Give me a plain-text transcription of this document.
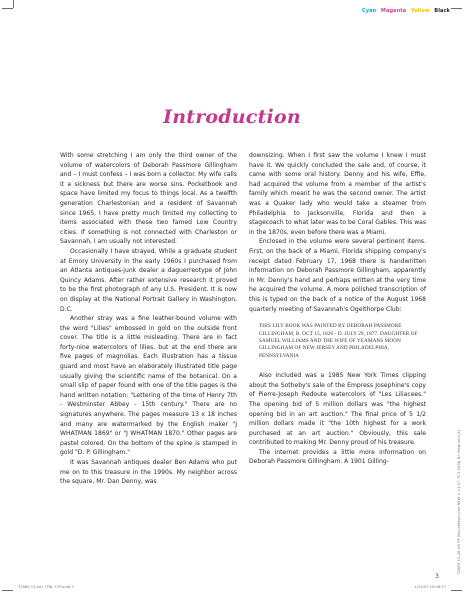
Cyan Magenta Yellow Black
Introduction

With some stretching I am only the third owner of the volume of watercolors of Deborah Passmore Gillingham and – I must confess – I was born a collector. My wife calls it a sickness but there are worse sins. Pocketbook and space have limited my focus to things local. As a twelfth generation Charlestonian and a resident of Savannah since 1965, I have pretty much limited my collecting to items associated with these two famed Low Country cities. If something is not connected with Charleston or Savannah, I am usually not interested.

Occasionally I have strayed. While a graduate student at Emory University in the early 1960s I purchased from an Atlanta antiques-junk dealer a daguerreotype of John Quincy Adams. After rather extensive research it proved to be the first photograph of any U.S. President. It is now on display at the National Portrait Gallery in Washington, D.C.

Another stray was a fine leather-bound volume with the word "Lilies" embossed in gold on the outside front cover. The title is a little misleading. There are in fact forty-nine watercolors of lilies, but at the end there are five pages of magnolias. Each illustration has a tissue guard and most have an elaborately illustrated title page usually giving the scientific name of the botanical. On a small slip of paper found with one of the title pages is the hand written notation: "Lettering of the time of Henry 7th - Westminster Abbey - 15th century." There are no signatures anywhere. The pages measure 13 x 18 inches and many are watermarked by the English maker "J WHATMAN 1869" or "J WHATMAN 1870." Other pages are pastel colored. On the bottom of the spine is stamped in gold "D. P. Gillingham."

It was Savannah antiques dealer Ben Adams who put me on to this treasure in the 1990s. My neighbor across the square, Mr. Dan Denny, was

downsizing. When I first saw the volume I knew I must have it. We quickly concluded the sale and, of course, it came with some oral history. Denny and his wife, Effie, had acquired the volume from a member of the artist's family which meant he was the second owner. The artist was a Quaker lady who would take a steamer from Philadelphia to Jacksonville, Florida and then a stagecoach to what later was to be Coral Gables. This was in the 1870s, even before there was a Miami.

Enclosed in the volume were several pertinent items. First, on the back of a Miami, Florida shipping company's receipt dated February 17, 1968 there is handwritten information on Deborah Passmore Gillingham, apparently in Mr. Denny's hand and perhaps written at the very time he acquired the volume. A more polished transcription of this is typed on the back of a notice of the August 1968 quarterly meeting of Savannah's Ogelthorpe Club:

THIS LILY BOOK WAS PAINTED BY DEBORAH PASSMORE GILLINGHAM, B. OCT 15, 1820 - D. JULY 29, 1877. DAUGHTER OF SAMUEL WILLIAMS AND THE WIFE OF YEAMANS MOON GILLINGHAM OF NEW JERSEY AND PHILADELPHIA, PENNSYLVANIA

Also included was a 1985 New York Times clipping about the Sotheby's sale of the Empress Josephine's copy of Pierre-Joseph Redoute watercolors of "Les Liliacees." The opening bid of 5 million dollars was "the highest opening bid in an art auction." The final price of 5 1/2 million dollars made it "the 10th highest for a work purchased at an art auction." Obviously, this sale contributed to making Mr. Denny proud of his treasure.

The internet provides a little more information on Deborah Passmore Gillingham. A 1901 Gilling-

3
T2889 12-26-06 SP BlockMagnolias NEW 1-11-07 TC1 180g NY Magnolia(3)
T2889 13-Intl 1TNL CTP.indd 3	1/31/07 10:08:37
